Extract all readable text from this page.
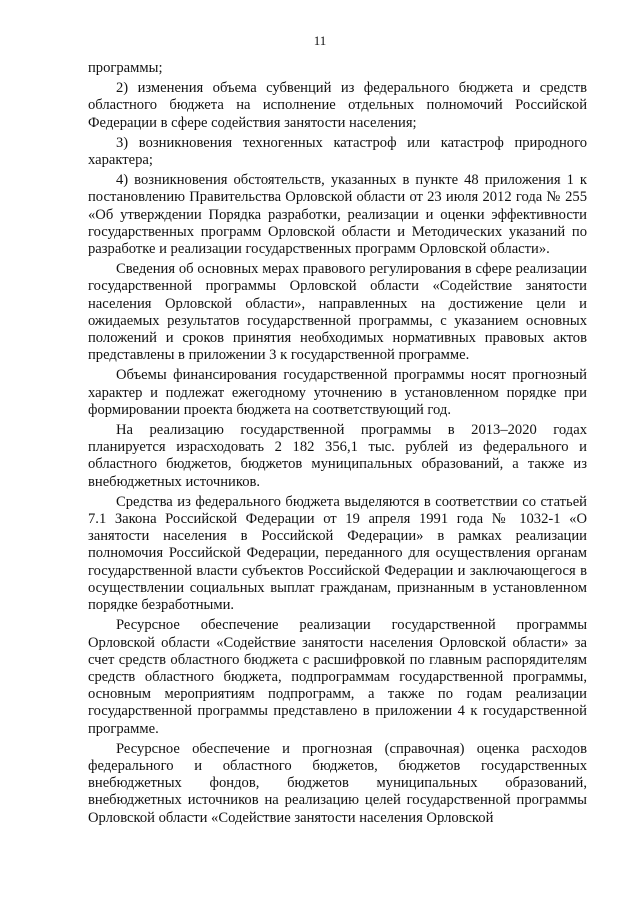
11

программы;

2) изменения объема субвенций из федерального бюджета и средств областного бюджета на исполнение отдельных полномочий Российской Федерации в сфере содействия занятости населения;

3) возникновения техногенных катастроф или катастроф природного характера;

4) возникновения обстоятельств, указанных в пункте 48 приложения 1 к постановлению Правительства Орловской области от 23 июля 2012 года № 255 «Об утверждении Порядка разработки, реализации и оценки эффективности государственных программ Орловской области и Методических указаний по разработке и реализации государственных программ Орловской области».

Сведения об основных мерах правового регулирования в сфере реализации государственной программы Орловской области «Содействие занятости населения Орловской области», направленных на достижение цели и ожидаемых результатов государственной программы, с указанием основных положений и сроков принятия необходимых нормативных правовых актов представлены в приложении 3 к государственной программе.

Объемы финансирования государственной программы носят прогнозный характер и подлежат ежегодному уточнению в установленном порядке при формировании проекта бюджета на соответствующий год.

На реализацию государственной программы в 2013–2020 годах планируется израсходовать 2 182 356,1 тыс. рублей из федерального и областного бюджетов, бюджетов муниципальных образований, а также из внебюджетных источников.

Средства из федерального бюджета выделяются в соответствии со статьей 7.1 Закона Российской Федерации от 19 апреля 1991 года № 1032-1 «О занятости населения в Российской Федерации» в рамках реализации полномочия Российской Федерации, переданного для осуществления органам государственной власти субъектов Российской Федерации и заключающегося в осуществлении социальных выплат гражданам, признанным в установленном порядке безработными.

Ресурсное обеспечение реализации государственной программы Орловской области «Содействие занятости населения Орловской области» за счет средств областного бюджета с расшифровкой по главным распорядителям средств областного бюджета, подпрограммам государственной программы, основным мероприятиям подпрограмм, а также по годам реализации государственной программы представлено в приложении 4 к государственной программе.

Ресурсное обеспечение и прогнозная (справочная) оценка расходов федерального и областного бюджетов, бюджетов государственных внебюджетных фондов, бюджетов муниципальных образований, внебюджетных источников на реализацию целей государственной программы Орловской области «Содействие занятости населения Орловской
